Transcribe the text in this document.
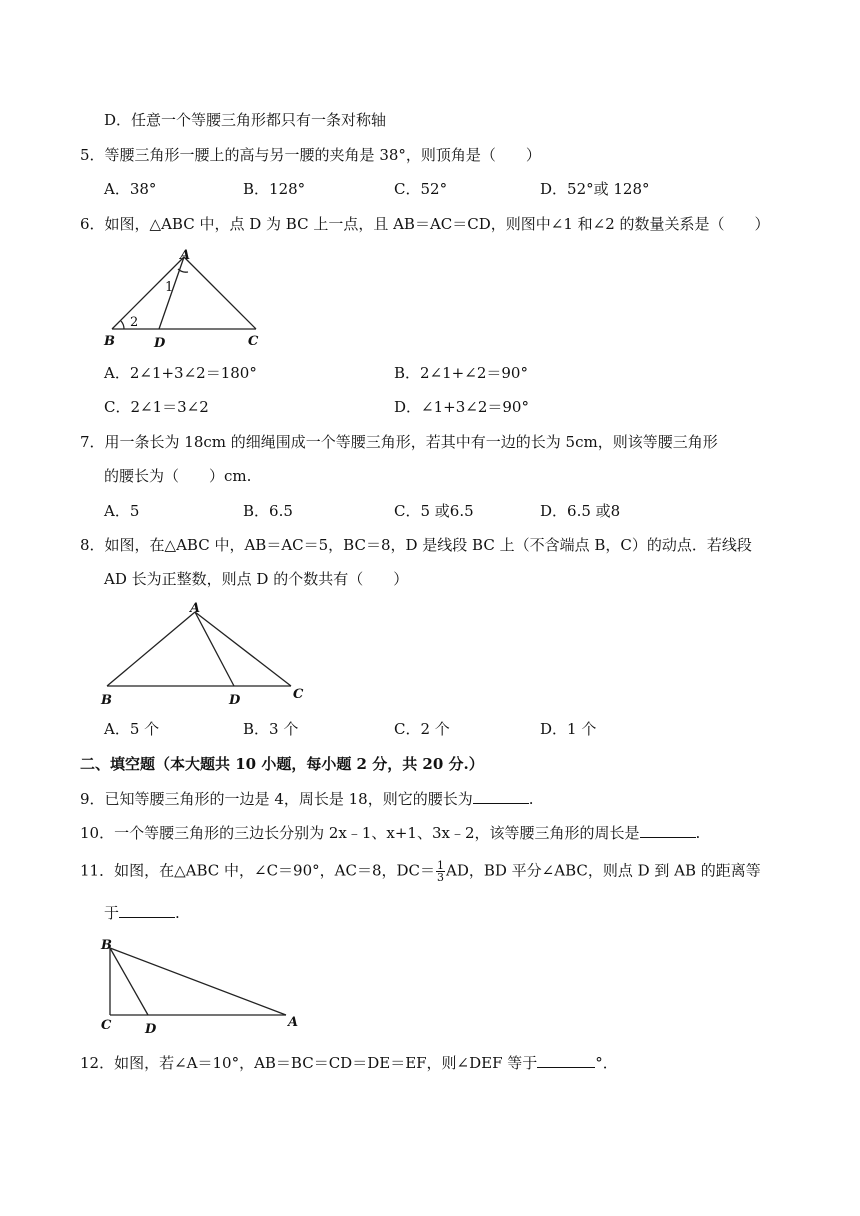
D．任意一个等腰三角形都只有一条对称轴
5．等腰三角形一腰上的高与另一腰的夹角是 38°，则顶角是（　　）
A．38°	B．128°	C．52°	D．52°或 128°
6．如图，△ABC 中，点 D 为 BC 上一点，且 AB＝AC＝CD，则图中∠1 和∠2 的数量关系是（　　）
A
B	C
D
1
2
A．2∠1+3∠2＝180°	B．2∠1+∠2＝90°
C．2∠1＝3∠2	D．∠1+3∠2＝90°
7．用一条长为 18cm 的细绳围成一个等腰三角形，若其中有一边的长为 5cm，则该等腰三角形
的腰长为（　　）cm.
A．5	B．6.5	C．5 或6.5	D．6.5 或8
8．如图，在△ABC 中，AB＝AC＝5，BC＝8，D 是线段 BC 上（不含端点 B，C）的动点．若线段
AD 长为正整数，则点 D 的个数共有（　　）
A
B	D	C
A．5 个	B．3 个	C．2 个	D．1 个
二、填空题（本大题共 10 小题，每小题 2 分，共 20 分.）
9．已知等腰三角形的一边是 4，周长是 18，则它的腰长为	.
10．一个等腰三角形的三边长分别为 2x﹣1、x+1、3x﹣2，该等腰三角形的周长是	.
11．如图，在△ABC 中，∠C＝90°，AC＝8，$DC= \frac{1}{3}$ AD，BD 平分∠ABC，则点 D 到 AB 的距离等
于	.
B
C	D	A
12．如图，若∠A＝10°，AB＝BC＝CD＝DE＝EF，则∠DEF 等于	°．
